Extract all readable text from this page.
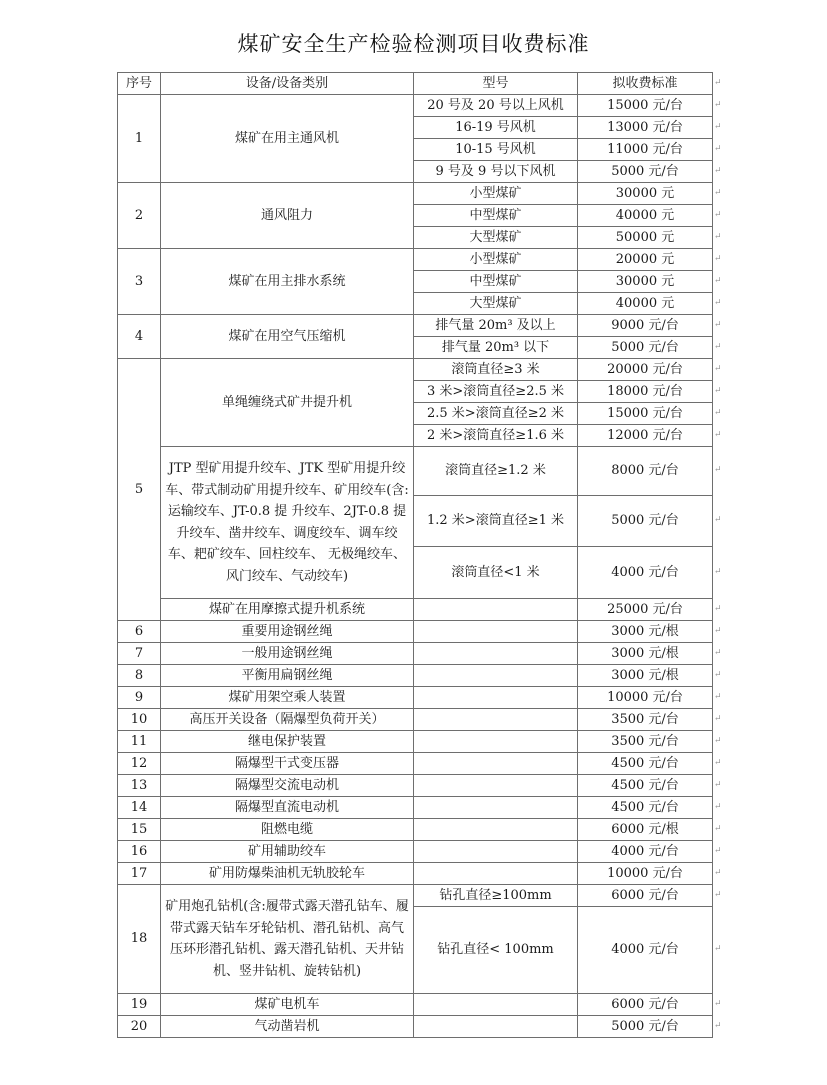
煤矿安全生产检验检测项目收费标准
序号	设备/设备类别	型号	拟收费标准
1	煤矿在用主通风机	20 号及 20 号以上风机	15000 元/台
		16-19 号风机	13000 元/台
		10-15 号风机	11000 元/台
		9 号及 9 号以下风机	5000 元/台
2	通风阻力	小型煤矿	30000 元
		中型煤矿	40000 元
		大型煤矿	50000 元
3	煤矿在用主排水系统	小型煤矿	20000 元
		中型煤矿	30000 元
		大型煤矿	40000 元
4	煤矿在用空气压缩机	排气量 20m³ 及以上	9000 元/台
		排气量 20m³ 以下	5000 元/台
5	单绳缠绕式矿井提升机	滚筒直径≥3 米	20000 元/台
		3 米>滚筒直径≥2.5 米	18000 元/台
		2.5 米>滚筒直径≥2 米	15000 元/台
		2 米>滚筒直径≥1.6 米	12000 元/台
	JTP 型矿用提升绞车、JTK 型矿用提升绞车、带式制动矿用提升绞车、矿用绞车(含:运输绞车、JT-0.8 提 升绞车、2JT-0.8 提升绞车、凿井绞车、调度绞车、调车绞车、耙矿绞车、回柱绞车、 无极绳绞车、风门绞车、气动绞车)	滚筒直径≥1.2 米	8000 元/台
		1.2 米>滚筒直径≥1 米	5000 元/台
		滚筒直径<1 米	4000 元/台
	煤矿在用摩擦式提升机系统		25000 元/台
6	重要用途钢丝绳		3000 元/根
7	一般用途钢丝绳		3000 元/根
8	平衡用扁钢丝绳		3000 元/根
9	煤矿用架空乘人装置		10000 元/台
10	高压开关设备（隔爆型负荷开关）		3500 元/台
11	继电保护装置		3500 元/台
12	隔爆型干式变压器		4500 元/台
13	隔爆型交流电动机		4500 元/台
14	隔爆型直流电动机		4500 元/台
15	阻燃电缆		6000 元/根
16	矿用辅助绞车		4000 元/台
17	矿用防爆柴油机无轨胶轮车		10000 元/台
18	矿用炮孔钻机(含:履带式露天潜孔钻车、履带式露天钻车牙轮钻机、潜孔钻机、高气压环形潜孔钻机、露天潜孔钻机、天井钻机、竖井钻机、旋转钻机)	钻孔直径≥100mm	6000 元/台
		钻孔直径< 100mm	4000 元/台
19	煤矿电机车		6000 元/台
20	气动凿岩机		5000 元/台
↵
↵
↵
↵
↵
↵
↵
↵
↵
↵
↵
↵
↵
↵
↵
↵
↵
↵
↵
↵
↵
↵
↵
↵
↵
↵
↵
↵
↵
↵
↵
↵
↵
↵
↵
↵
↵
